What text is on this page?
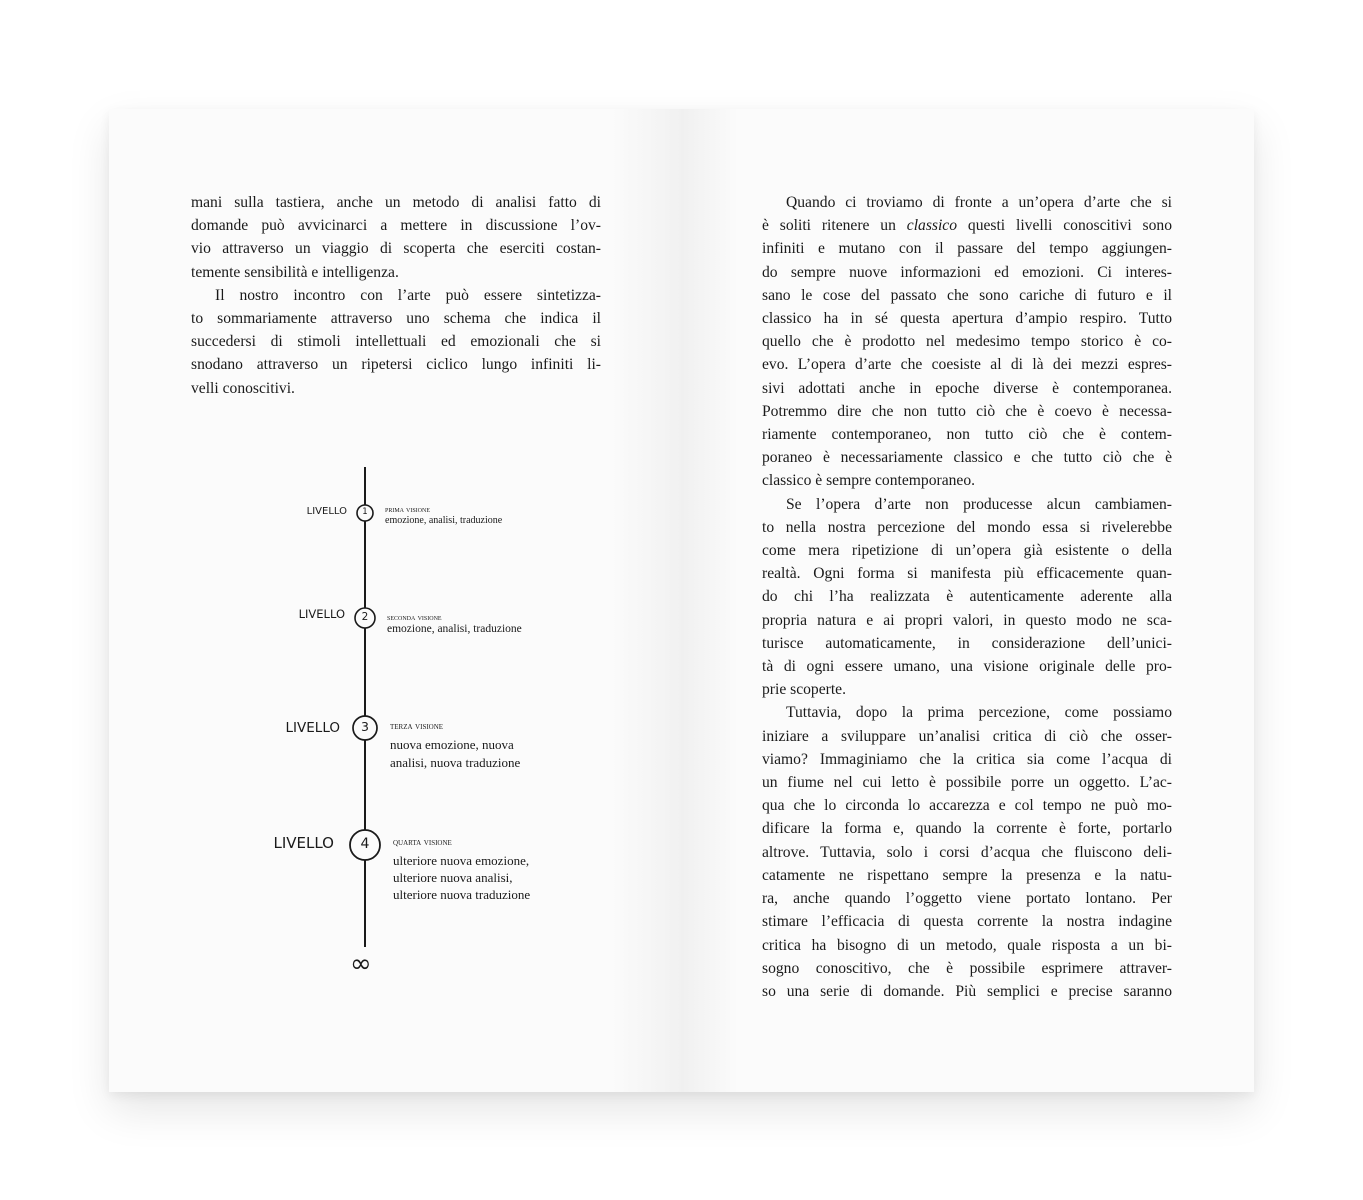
mani sulla tastiera, anche un metodo di analisi fatto di
domande può avvicinarci a mettere in discussione l’ov-
vio attraverso un viaggio di scoperta che eserciti costan-
temente sensibilità e intelligenza.
Il nostro incontro con l’arte può essere sintetizza-
to sommariamente attraverso uno schema che indica il
succedersi di stimoli intellettuali ed emozionali che si
snodano attraverso un ripetersi ciclico lungo infiniti li-
velli conoscitivi.
LIVELLO	1	prima visione
emozione, analisi, traduzione
LIVELLO	2	seconda visione
emozione, analisi, traduzione
LIVELLO	3	terza visione
nuova emozione, nuova
analisi, nuova traduzione
LIVELLO	4	quarta visione
ulteriore nuova emozione,
ulteriore nuova analisi,
ulteriore nuova traduzione
∞
Quando ci troviamo di fronte a un’opera d’arte che si
è soliti ritenere un classico questi livelli conoscitivi sono
infiniti e mutano con il passare del tempo aggiungen-
do sempre nuove informazioni ed emozioni. Ci interes-
sano le cose del passato che sono cariche di futuro e il
classico ha in sé questa apertura d’ampio respiro. Tutto
quello che è prodotto nel medesimo tempo storico è co-
evo. L’opera d’arte che coesiste al di là dei mezzi espres-
sivi adottati anche in epoche diverse è contemporanea.
Potremmo dire che non tutto ciò che è coevo è necessa-
riamente contemporaneo, non tutto ciò che è contem-
poraneo è necessariamente classico e che tutto ciò che è
classico è sempre contemporaneo.
Se l’opera d’arte non producesse alcun cambiamen-
to nella nostra percezione del mondo essa si rivelerebbe
come mera ripetizione di un’opera già esistente o della
realtà. Ogni forma si manifesta più efficacemente quan-
do chi l’ha realizzata è autenticamente aderente alla
propria natura e ai propri valori, in questo modo ne sca-
turisce automaticamente, in considerazione dell’unici-
tà di ogni essere umano, una visione originale delle pro-
prie scoperte.
Tuttavia, dopo la prima percezione, come possiamo
iniziare a sviluppare un’analisi critica di ciò che osser-
viamo? Immaginiamo che la critica sia come l’acqua di
un fiume nel cui letto è possibile porre un oggetto. L’ac-
qua che lo circonda lo accarezza e col tempo ne può mo-
dificare la forma e, quando la corrente è forte, portarlo
altrove. Tuttavia, solo i corsi d’acqua che fluiscono deli-
catamente ne rispettano sempre la presenza e la natu-
ra, anche quando l’oggetto viene portato lontano. Per
stimare l’efficacia di questa corrente la nostra indagine
critica ha bisogno di un metodo, quale risposta a un bi-
sogno conoscitivo, che è possibile esprimere attraver-
so una serie di domande. Più semplici e precise saranno
